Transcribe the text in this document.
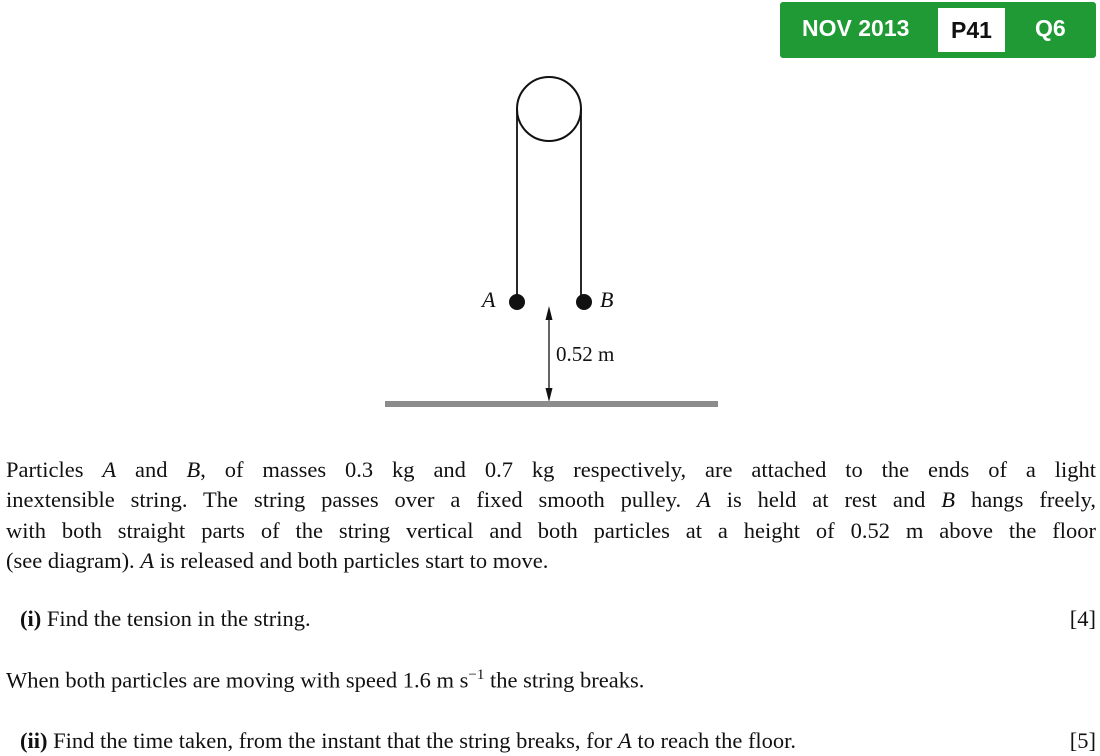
NOV 2013	P41	Q6
A	B
0.52 m
Particles A and B, of masses 0.3 kg and 0.7 kg respectively, are attached to the ends of a light
inextensible string. The string passes over a fixed smooth pulley. A is held at rest and B hangs freely,
with both straight parts of the string vertical and both particles at a height of 0.52 m above the floor
(see diagram). A is released and both particles start to move.
(i) Find the tension in the string.	[4]
When both particles are moving with speed 1.6 m $s^{-1}$ the string breaks.
(ii) Find the time taken, from the instant that the string breaks, for A to reach the floor.	[5]
